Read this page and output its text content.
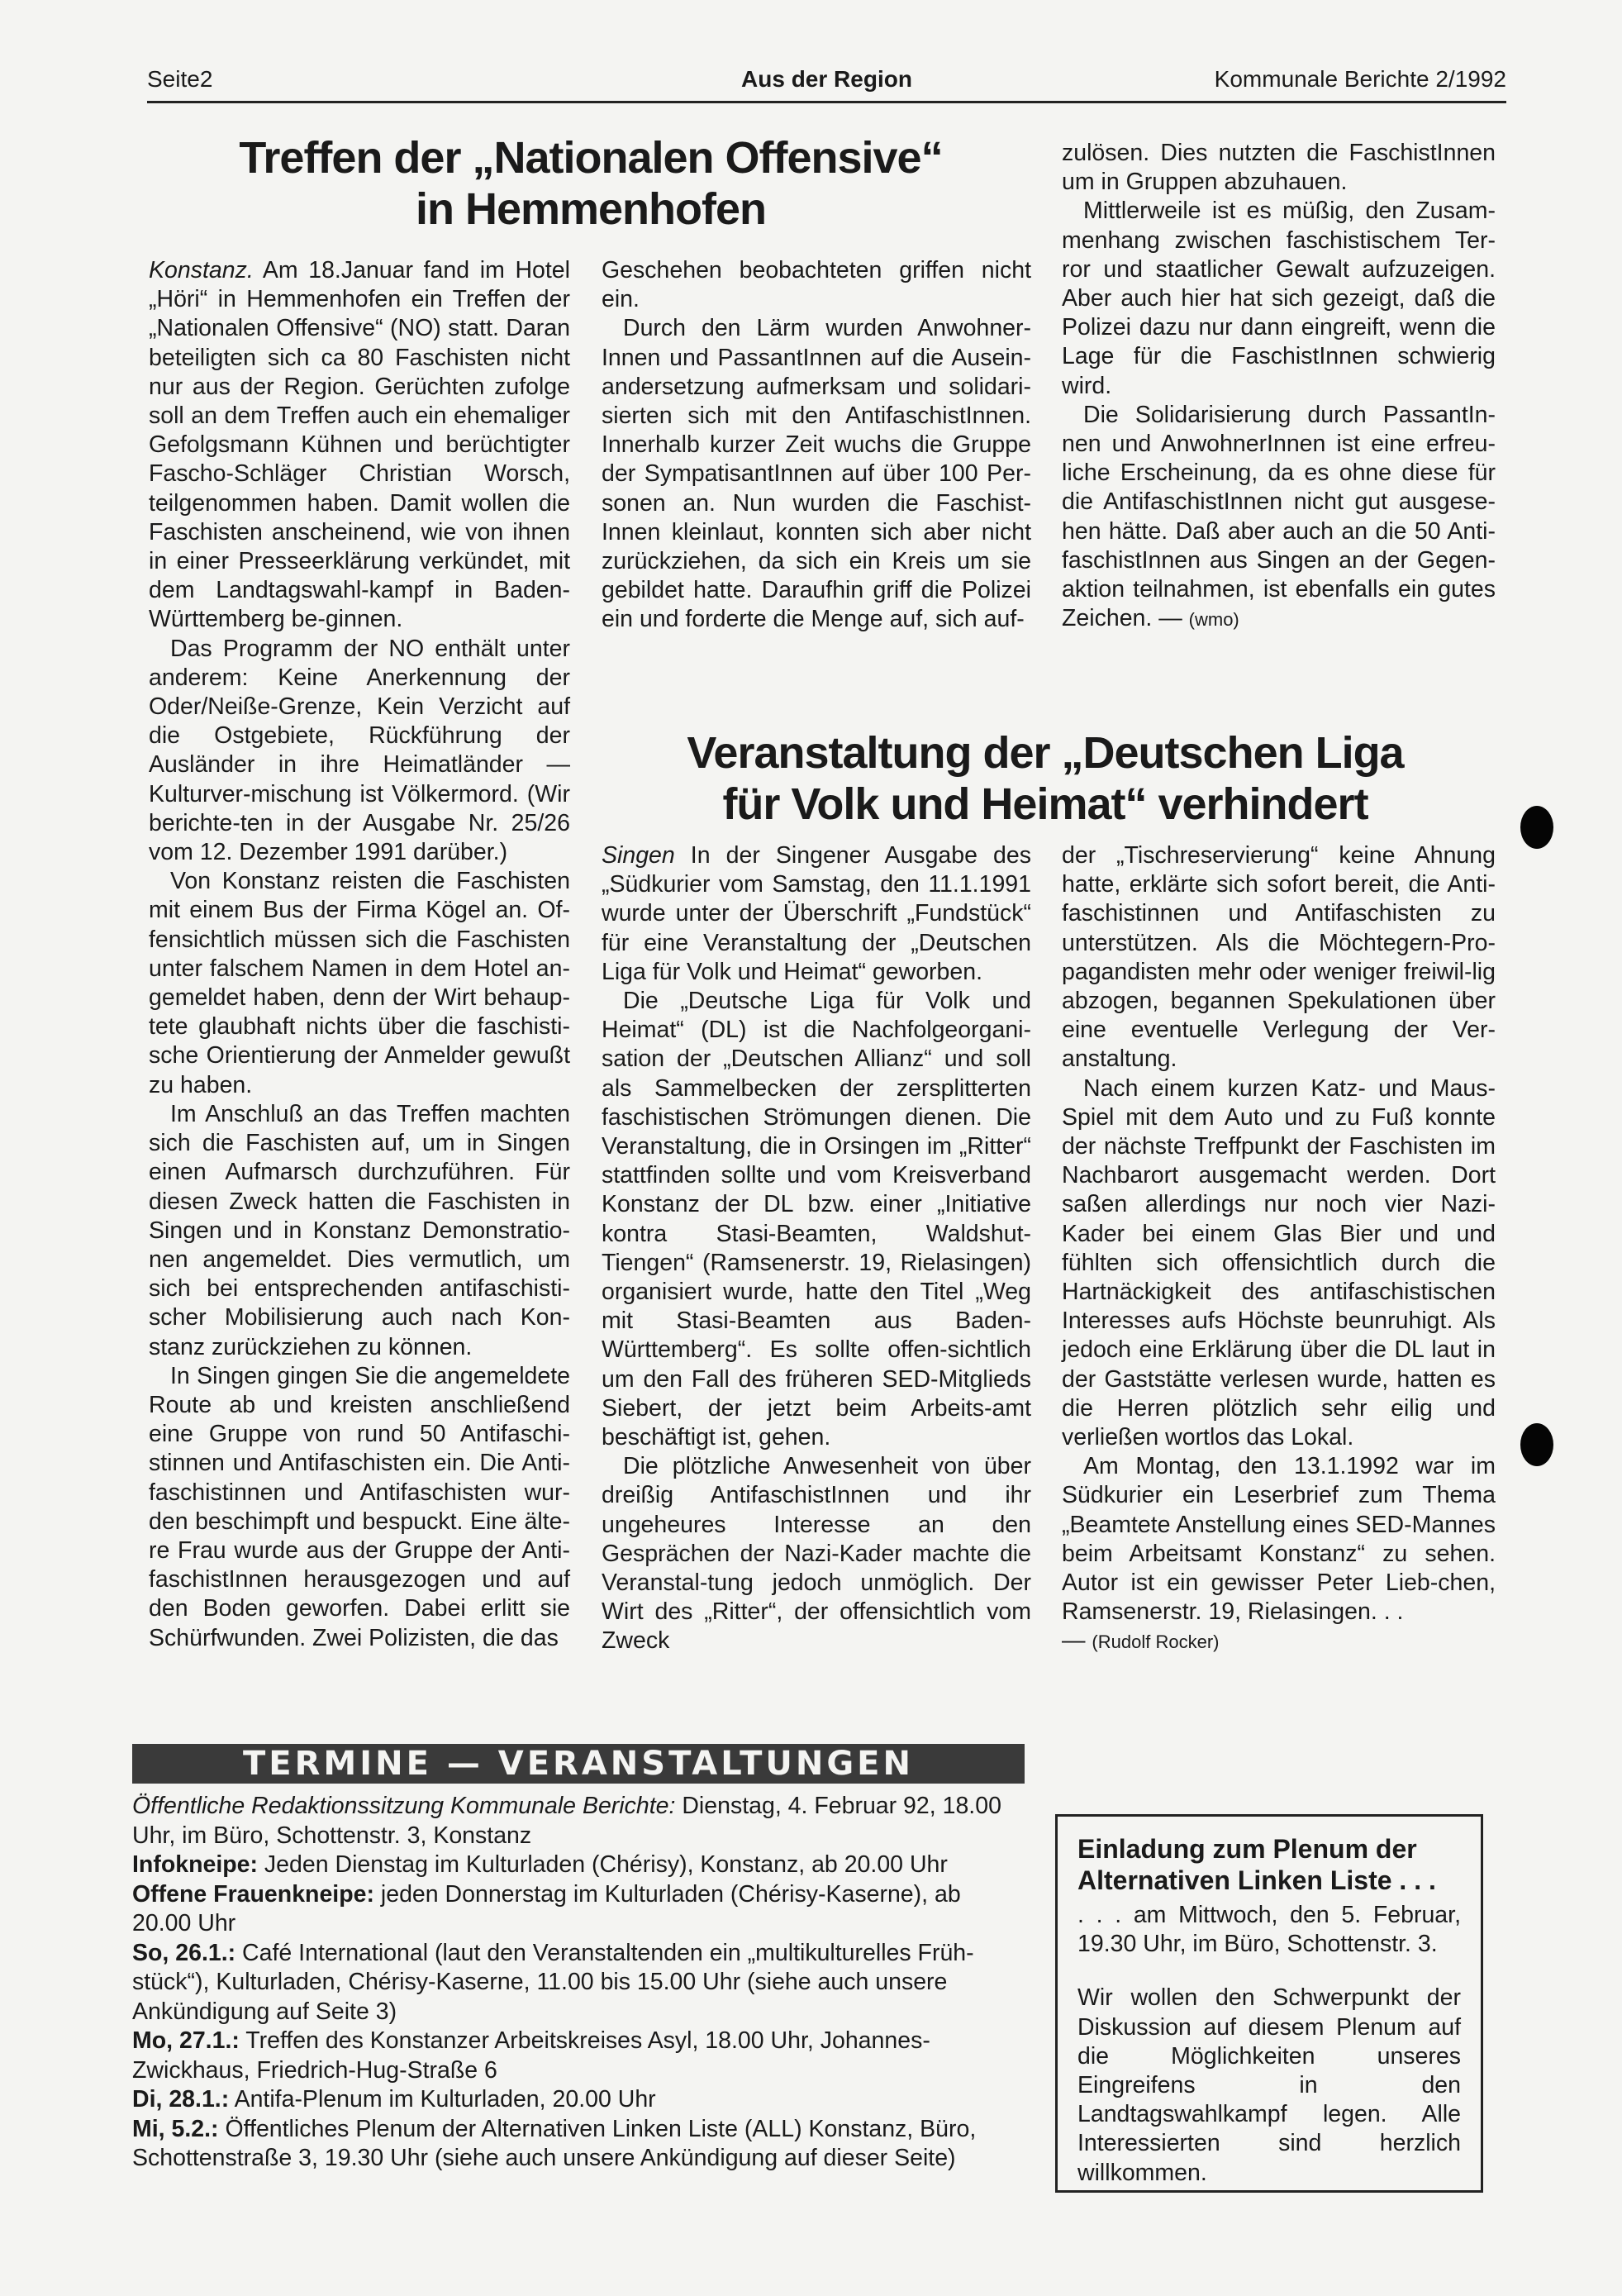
Seite2	Aus der Region	Kommunale Berichte 2/1992
Treffen der „Nationalen Offensive“
in Hemmenhofen

Konstanz. Am 18.Januar fand im Hotel „Höri“ in Hemmenhofen ein Treffen der „Nationalen Offensive“ (NO) statt. Daran beteiligten sich ca 80 Faschisten nicht nur aus der Region. Gerüchten zufolge soll an dem Treffen auch ein ehemaliger Gefolgsmann Kühnen und berüchtigter Fascho-Schläger Christian Worsch, teilgenommen haben. Damit wollen die Faschisten anscheinend, wie von ihnen in einer Presseerklärung verkündet, mit dem Landtagswahl-kampf in Baden-Württemberg be-ginnen.

Das Programm der NO enthält unter anderem: Keine Anerkennung der Oder/Neiße-Grenze, Kein Verzicht auf die Ostgebiete, Rückführung der Ausländer in ihre Heimatländer — Kulturver-mischung ist Völkermord. (Wir berichte-ten in der Ausgabe Nr. 25/26 vom 12. Dezember 1991 darüber.)

Von Konstanz reisten die Faschisten mit einem Bus der Firma Kögel an. Of-fensichtlich müssen sich die Faschisten unter falschem Namen in dem Hotel an-gemeldet haben, denn der Wirt behaup-tete glaubhaft nichts über die faschisti-sche Orientierung der Anmelder gewußt zu haben.

Im Anschluß an das Treffen machten sich die Faschisten auf, um in Singen einen Aufmarsch durchzuführen. Für diesen Zweck hatten die Faschisten in Singen und in Konstanz Demonstratio-nen angemeldet. Dies vermutlich, um sich bei entsprechenden antifaschisti-scher Mobilisierung auch nach Kon-stanz zurückziehen zu können.

In Singen gingen Sie die angemeldete Route ab und kreisten anschließend eine Gruppe von rund 50 Antifaschi-stinnen und Antifaschisten ein. Die Anti-faschistinnen und Antifaschisten wur-den beschimpft und bespuckt. Eine älte-re Frau wurde aus der Gruppe der Anti-faschistInnen herausgezogen und auf den Boden geworfen. Dabei erlitt sie Schürfwunden. Zwei Polizisten, die das

Geschehen beobachteten griffen nicht ein.

Durch den Lärm wurden Anwohner-Innen und PassantInnen auf die Ausein-andersetzung aufmerksam und solidari-sierten sich mit den AntifaschistInnen. Innerhalb kurzer Zeit wuchs die Gruppe der SympatisantInnen auf über 100 Per-sonen an. Nun wurden die Faschist-Innen kleinlaut, konnten sich aber nicht zurückziehen, da sich ein Kreis um sie gebildet hatte. Daraufhin griff die Polizei ein und forderte die Menge auf, sich auf-

zulösen. Dies nutzten die FaschistInnen um in Gruppen abzuhauen.

Mittlerweile ist es müßig, den Zusam-menhang zwischen faschistischem Ter-ror und staatlicher Gewalt aufzuzeigen. Aber auch hier hat sich gezeigt, daß die Polizei dazu nur dann eingreift, wenn die Lage für die FaschistInnen schwierig wird.

Die Solidarisierung durch PassantIn-nen und AnwohnerInnen ist eine erfreu-liche Erscheinung, da es ohne diese für die AntifaschistInnen nicht gut ausgese-hen hätte. Daß aber auch an die 50 Anti-faschistInnen aus Singen an der Gegen-aktion teilnahmen, ist ebenfalls ein gutes Zeichen. — (wmo)

Veranstaltung der „Deutschen Liga
für Volk und Heimat“ verhindert

Singen In der Singener Ausgabe des „Südkurier vom Samstag, den 11.1.1991 wurde unter der Überschrift „Fundstück“ für eine Veranstaltung der „Deutschen Liga für Volk und Heimat“ geworben.

Die „Deutsche Liga für Volk und Heimat“ (DL) ist die Nachfolgeorgani-sation der „Deutschen Allianz“ und soll als Sammelbecken der zersplitterten faschistischen Strömungen dienen. Die Veranstaltung, die in Orsingen im „Ritter“ stattfinden sollte und vom Kreisverband Konstanz der DL bzw. einer „Initiative kontra Stasi-Beamten, Waldshut-Tiengen“ (Ramsenerstr. 19, Rielasingen) organisiert wurde, hatte den Titel „Weg mit Stasi-Beamten aus Baden-Württemberg“. Es sollte offen-sichtlich um den Fall des früheren SED-Mitglieds Siebert, der jetzt beim Arbeits-amt beschäftigt ist, gehen.

Die plötzliche Anwesenheit von über dreißig AntifaschistInnen und ihr ungeheures Interesse an den Gesprächen der Nazi-Kader machte die Veranstal-tung jedoch unmöglich. Der Wirt des „Ritter“, der offensichtlich vom Zweck

der „Tischreservierung“ keine Ahnung hatte, erklärte sich sofort bereit, die Anti-faschistinnen und Antifaschisten zu unterstützen. Als die Möchtegern-Pro-pagandisten mehr oder weniger freiwil-lig abzogen, begannen Spekulationen über eine eventuelle Verlegung der Ver-anstaltung.

Nach einem kurzen Katz- und Maus-Spiel mit dem Auto und zu Fuß konnte der nächste Treffpunkt der Faschisten im Nachbarort ausgemacht werden. Dort saßen allerdings nur noch vier Nazi-Kader bei einem Glas Bier und und fühlten sich offensichtlich durch die Hartnäckigkeit des antifaschistischen Interesses aufs Höchste beunruhigt. Als jedoch eine Erklärung über die DL laut in der Gaststätte verlesen wurde, hatten es die Herren plötzlich sehr eilig und verließen wortlos das Lokal.

Am Montag, den 13.1.1992 war im Südkurier ein Leserbrief zum Thema „Beamtete Anstellung eines SED-Mannes beim Arbeitsamt Konstanz“ zu sehen. Autor ist ein gewisser Peter Lieb-chen, Ramsenerstr. 19, Rielasingen. . .

— (Rudolf Rocker)

TERMINE — VERANSTALTUNGEN

Öffentliche Redaktionssitzung Kommunale Berichte: Dienstag, 4. Februar 92, 18.00 Uhr, im Büro, Schottenstr. 3, Konstanz

Infokneipe: Jeden Dienstag im Kulturladen (Chérisy), Konstanz, ab 20.00 Uhr

Offene Frauenkneipe: jeden Donnerstag im Kulturladen (Chérisy-Kaserne), ab 20.00 Uhr

So, 26.1.: Café International (laut den Veranstaltenden ein „multikulturelles Früh-stück“), Kulturladen, Chérisy-Kaserne, 11.00 bis 15.00 Uhr (siehe auch unsere Ankündigung auf Seite 3)

Mo, 27.1.: Treffen des Konstanzer Arbeitskreises Asyl, 18.00 Uhr, Johannes-Zwickhaus, Friedrich-Hug-Straße 6

Di, 28.1.: Antifa-Plenum im Kulturladen, 20.00 Uhr

Mi, 5.2.: Öffentliches Plenum der Alternativen Linken Liste (ALL) Konstanz, Büro, Schottenstraße 3, 19.30 Uhr (siehe auch unsere Ankündigung auf dieser Seite)

Einladung zum Plenum der Alternativen Linken Liste . . .

. . . am Mittwoch, den 5. Februar, 19.30 Uhr, im Büro, Schottenstr. 3.

Wir wollen den Schwerpunkt der Diskussion auf diesem Plenum auf die Möglichkeiten unseres Eingreifens in den Landtagswahlkampf legen. Alle Interessierten sind herzlich willkommen.
